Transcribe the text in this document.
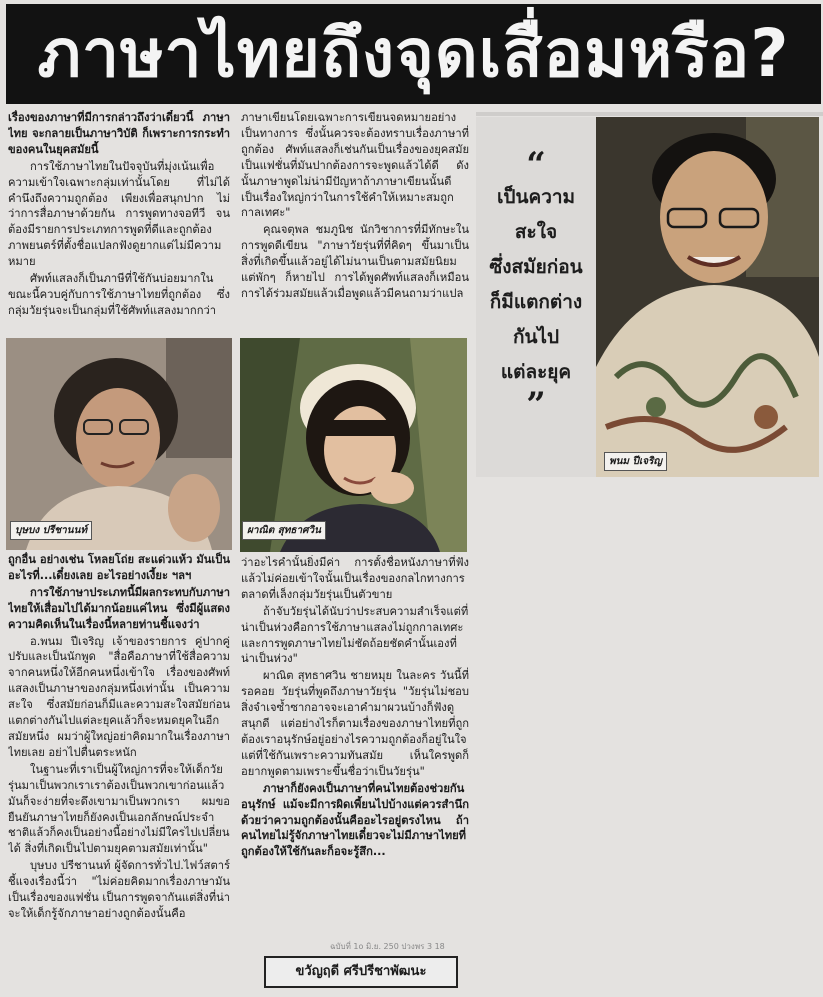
ภาษาไทยถึงจุดเสื่อมหรือ?

เรื่องของภาษาที่มีการกล่าวถึงว่าเดี๋ยวนี้ ภาษาไทย จะกลายเป็นภาษาวิบัติ ก็เพราะการกระทำของคนในยุคสมัยนี้

การใช้ภาษาไทยในปัจจุบันที่มุ่งเน้นเพื่อความเข้าใจเฉพาะกลุ่มเท่านั้นโดย ที่ไม่ได้คำนึงถึงความถูกต้อง เพียงเพื่อสนุกปาก ไม่ว่าการสื่อภาษาด้วยกัน การพูดทางจอทีวี จนต้องมีรายการประเภทการพูดที่ดีและถูกต้อง ภาพยนตร์ที่ตั้งชื่อแปลกฟังดูยากแต่ไม่มีความหมาย

ศัพท์แสลงก็เป็นภาษีที่ใช้กันบ่อยมากในขณะนี้ควบคู่กับการใช้ภาษาไทยที่ถูกต้อง ซึ่งกลุ่มวัยรุ่นจะเป็นกลุ่มที่ใช้ศัพท์แสลงมากกว่า

ภาษาเขียนโดยเฉพาะการเขียนจดหมายอย่างเป็นทางการ ซึ่งนั้นควรจะต้องทราบเรื่องภาษาที่ถูกต้อง ศัพท์แสลงก็เช่นกันเป็นเรื่องของยุคสมัย เป็นแฟชั่นที่มันปากต้องการจะพูดแล้วได้ดี ดังนั้นภาษาพูดไม่น่ามีปัญหาถ้าภาษาเขียนนั้นดีเป็นเรื่องใหญ่กว่าในการใช้คำให้เหมาะสมถูกกาลเทศะ"

คุณจตุพล ชมภูนิช นักวิชาการที่มีทักษะในการพูดดีเขียน "ภาษาวัยรุ่นที่ที่คิดๆ ขึ้นมาเป็นสิ่งที่เกิดขึ้นแล้วอยู่ได้ไม่นานเป็นตามสมัยนิยมแต่พักๆ ก็หายไป การได้พูดศัพท์แสลงก็เหมือนการได้ร่วมสมัยแล้วเมื่อพูดแล้วมีคนถามว่าแปล

บุษบง ปรีชานนท์	ผาณิต สุทธาศวิน

ถูกอื่น อย่างเช่น โหลยโถ่ย สะแด่วแห้ว มันเป็นอะไรที่...เดี๋ยงเลย อะไรอย่างเงี้ยะ ฯลฯ

การใช้ภาษาประเภทนี้มีผลกระทบกับภาษาไทยให้เสื่อมไปได้มากน้อยแค่ไหน ซึ่งมีผู้แสดงความคิดเห็นในเรื่องนี้หลายท่านชี้แจงว่า

อ.พนม ปีเจริญ เจ้าของรายการ คู่ปากคู่ปรับและเป็นนักพูด "สื่อคือภาษาที่ใช้สื่อความจากคนหนึ่งให้อีกคนหนึ่งเข้าใจ เรื่องของศัพท์แสลงเป็นภาษาของกลุ่มหนึ่งเท่านั้น เป็นความสะใจ ซึ่งสมัยก่อนก็มีและความสะใจสมัยก่อนแตกต่างกันไปแต่ละยุคแล้วก็จะหมดยุคในอีกสมัยหนึ่ง ผมว่าผู้ใหญ่อย่าคิดมากในเรื่องภาษาไทยเลย อย่าไปตื่นตระหนัก

ในฐานะที่เราเป็นผู้ใหญ่การที่จะให้เด็กวัยรุ่นมาเป็นพวกเราเราต้องเป็นพวกเขาก่อนแล้วมันก็จะง่ายที่จะดึงเขามาเป็นพวกเรา ผมขอยืนยันภาษาไทยก็ยังคงเป็นเอกลักษณ์ประจำชาติแล้วก็คงเป็นอย่างนี้อย่างไม่มีใครไปเปลี่ยนได้ สิ่งที่เกิดเป็นไปตามยุคตามสมัยเท่านั้น"

บุษบง ปรีชานนท์ ผู้จัดการทั่วไป.ไฟว์สตาร์ ชี้แจงเรื่องนี้ว่า "ไม่ค่อยคิดมากเรื่องภาษามันเป็นเรื่องของแฟชั่น เป็นการพูดจากันแต่สิ่งที่น่าจะให้เด็กรู้จักภาษาอย่างถูกต้องนั้นคือ

ว่าอะไรคำนั้นยิ่งมีค่า การตั้งชื่อหนังภาษาที่ฟังแล้วไม่ค่อยเข้าใจนั้นเป็นเรื่องของกลไกทางการตลาดที่เล็งกลุ่มวัยรุ่นเป็นตัวขาย

ถ้าจับวัยรุ่นได้นับว่าประสบความสำเร็จแต่ที่น่าเป็นห่วงคือการใช้ภาษาแสลงไม่ถูกกาลเทศะ และการพูดภาษาไทยไม่ชัดถ้อยชัดคำนั้นเองที่น่าเป็นห่วง"

ผาณิต สุทธาศวิน ชายหมุย ในละคร วันนี้ที่รอคอย วัยรุ่นที่พูดถึงภาษาวัยรุ่น "วัยรุ่นไม่ชอบสิ่งจำเจซ้ำซากอาจจะเอาคำมาผวนบ้างก็ฟังดูสนุกดี แต่อย่างไรก็ตามเรื่องของภาษาไทยที่ถูกต้องเราอนุรักษ์อยู่อย่างไรความถูกต้องก็อยู่ในใจ แต่ที่ใช้กันเพราะความทันสมัย เห็นใครพูดก็อยากพูดตามเพราะขึ้นชื่อว่าเป็นวัยรุ่น"

ภาษาก็ยังคงเป็นภาษาที่คนไทยต้องช่วยกันอนุรักษ์ แม้จะมีการผิดเพี้ยนไปบ้างแต่ควรสำนึกด้วยว่าความถูกต้องนั้นคืออะไรอยู่ตรงไหน ถ้าคนไทยไม่รู้จักภาษาไทยเดี๋ยวจะไม่มีภาษาไทยที่ถูกต้องให้ใช้กันละก็อจะรู้สึก...

“
เป็นความ
สะใจ
ซึ่งสมัยก่อน
ก็มีแตกต่าง
กันไป
แต่ละยุค
”
พนม ปีเจริญ
ฉบับที่ 1o มิ.ย. 250 ปวงพร 3 18
ขวัญฤดี ศรีปรีชาพัฒนะ
